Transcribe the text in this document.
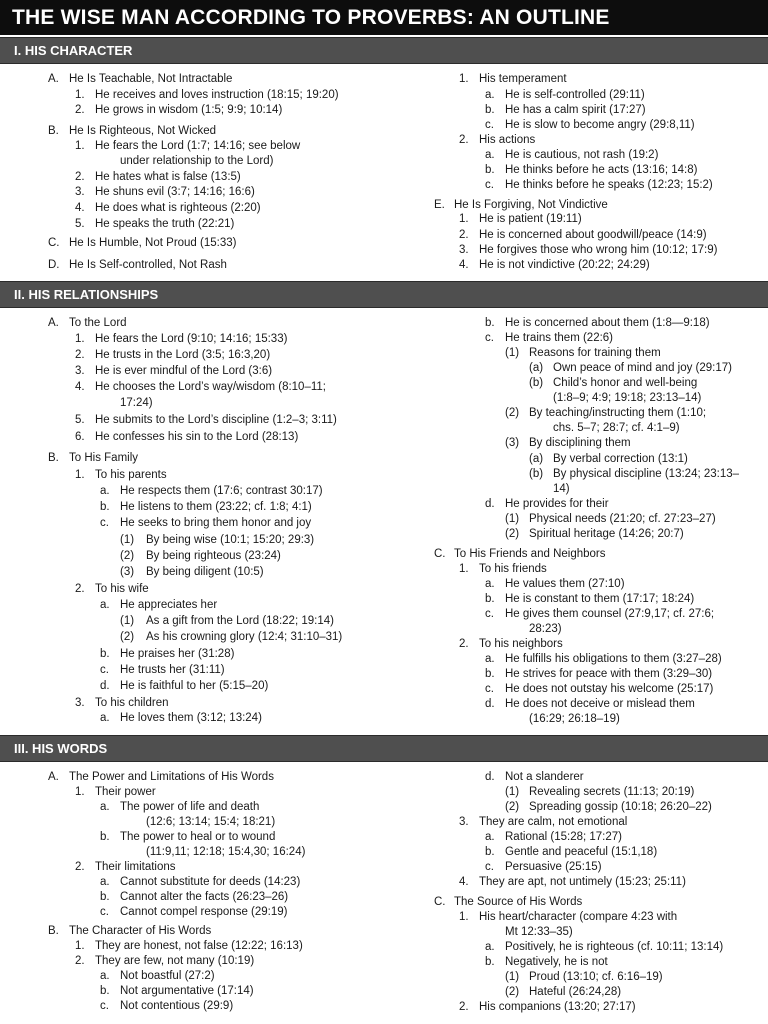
THE WISE MAN ACCORDING TO PROVERBS: AN OUTLINE
I. HIS CHARACTER
II. HIS RELATIONSHIPS
III. HIS WORDS
A. He Is Teachable, Not Intractable
1. He receives and loves instruction (18:15; 19:20)
2. He grows in wisdom (1:5; 9:9; 10:14)
B. He Is Righteous, Not Wicked
1. He fears the Lord (1:7; 14:16; see below
under relationship to the Lord)
2. He hates what is false (13:5)
3. He shuns evil (3:7; 14:16; 16:6)
4. He does what is righteous (2:20)
5. He speaks the truth (22:21)
C. He Is Humble, Not Proud (15:33)
D. He Is Self-controlled, Not Rash
1. His temperament
a. He is self-controlled (29:11)
b. He has a calm spirit (17:27)
c. He is slow to become angry (29:8,11)
2. His actions
a. He is cautious, not rash (19:2)
b. He thinks before he acts (13:16; 14:8)
c. He thinks before he speaks (12:23; 15:2)
E. He Is Forgiving, Not Vindictive
1. He is patient (19:11)
2. He is concerned about goodwill/peace (14:9)
3. He forgives those who wrong him (10:12; 17:9)
4. He is not vindictive (20:22; 24:29)
A. To the Lord
1. He fears the Lord (9:10; 14:16; 15:33)
2. He trusts in the Lord (3:5; 16:3,20)
3. He is ever mindful of the Lord (3:6)
4. He chooses the Lord’s way/wisdom (8:10–11;
17:24)
5. He submits to the Lord’s discipline (1:2–3; 3:11)
6. He confesses his sin to the Lord (28:13)
B. To His Family
1. To his parents
a. He respects them (17:6; contrast 30:17)
b. He listens to them (23:22; cf. 1:8; 4:1)
c. He seeks to bring them honor and joy
(1) By being wise (10:1; 15:20; 29:3)
(2) By being righteous (23:24)
(3) By being diligent (10:5)
2. To his wife
a. He appreciates her
(1) As a gift from the Lord (18:22; 19:14)
(2) As his crowning glory (12:4; 31:10–31)
b. He praises her (31:28)
c. He trusts her (31:11)
d. He is faithful to her (5:15–20)
3. To his children
a. He loves them (3:12; 13:24)
b. He is concerned about them (1:8—9:18)
c. He trains them (22:6)
(1) Reasons for training them
(a) Own peace of mind and joy (29:17)
(b) Child’s honor and well-being
(1:8–9; 4:9; 19:18; 23:13–14)
(2) By teaching/instructing them (1:10;
chs. 5–7; 28:7; cf. 4:1–9)
(3) By disciplining them
(a) By verbal correction (13:1)
(b) By physical discipline (13:24; 23:13–
14)
d. He provides for their
(1) Physical needs (21:20; cf. 27:23–27)
(2) Spiritual heritage (14:26; 20:7)
C. To His Friends and Neighbors
1. To his friends
a. He values them (27:10)
b. He is constant to them (17:17; 18:24)
c. He gives them counsel (27:9,17; cf. 27:6;
28:23)
2. To his neighbors
a. He fulfills his obligations to them (3:27–28)
b. He strives for peace with them (3:29–30)
c. He does not outstay his welcome (25:17)
d. He does not deceive or mislead them
(16:29; 26:18–19)
A. The Power and Limitations of His Words
1. Their power
a. The power of life and death
(12:6; 13:14; 15:4; 18:21)
b. The power to heal or to wound
(11:9,11; 12:18; 15:4,30; 16:24)
2. Their limitations
a. Cannot substitute for deeds (14:23)
b. Cannot alter the facts (26:23–26)
c. Cannot compel response (29:19)
B. The Character of His Words
1. They are honest, not false (12:22; 16:13)
2. They are few, not many (10:19)
a. Not boastful (27:2)
b. Not argumentative (17:14)
c. Not contentious (29:9)
d. Not a slanderer
(1) Revealing secrets (11:13; 20:19)
(2) Spreading gossip (10:18; 26:20–22)
3. They are calm, not emotional
a. Rational (15:28; 17:27)
b. Gentle and peaceful (15:1,18)
c. Persuasive (25:15)
4. They are apt, not untimely (15:23; 25:11)
C. The Source of His Words
1. His heart/character (compare 4:23 with
Mt 12:33–35)
a. Positively, he is righteous (cf. 10:11; 13:14)
b. Negatively, he is not
(1) Proud (13:10; cf. 6:16–19)
(2) Hateful (26:24,28)
2. His companions (13:20; 27:17)
